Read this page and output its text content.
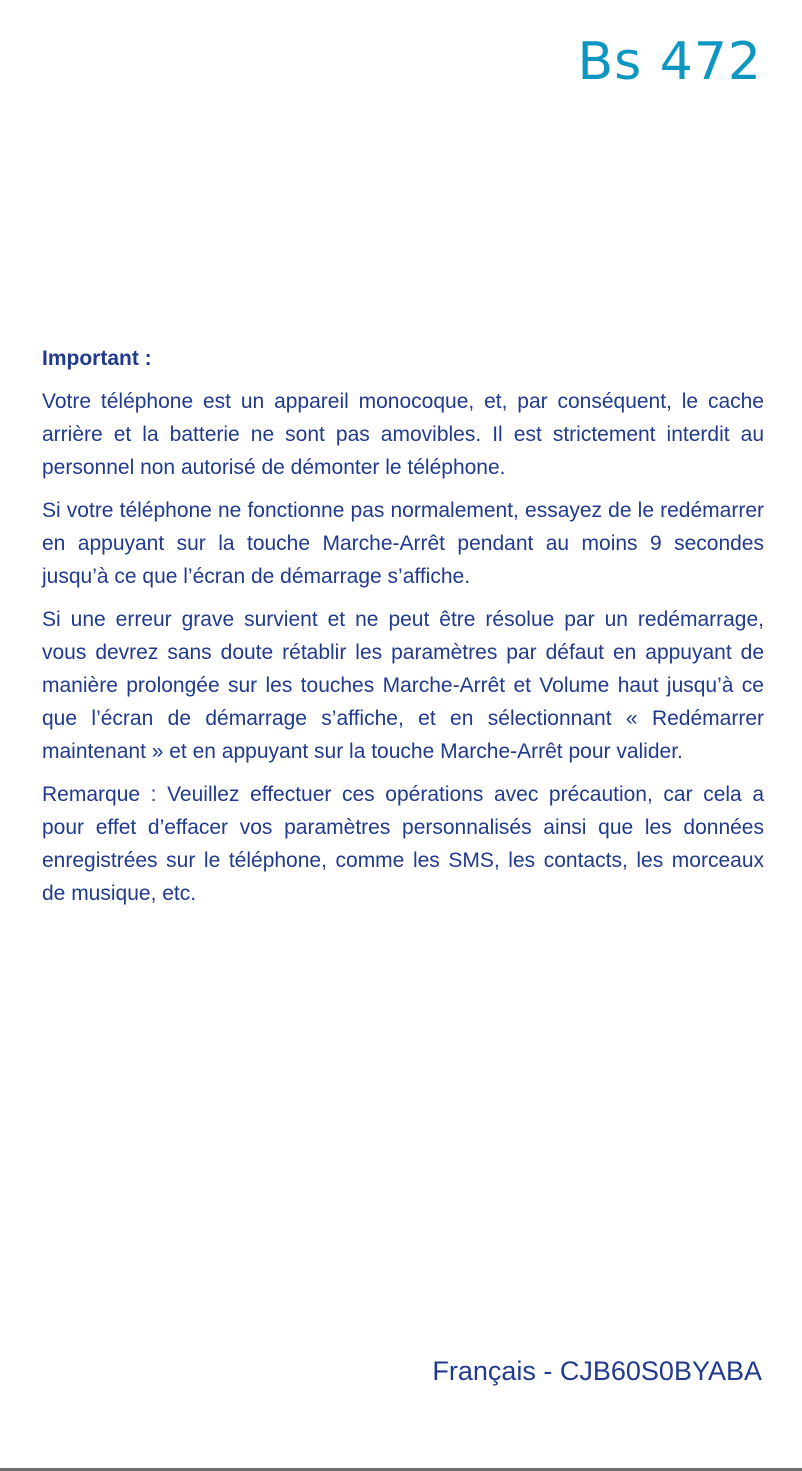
Bs 472
Important :

Votre téléphone est un appareil monocoque, et, par conséquent, le cache arrière et la batterie ne sont pas amovibles. Il est strictement interdit au personnel non autorisé de démonter le téléphone.

Si votre téléphone ne fonctionne pas normalement, essayez de le redémarrer en appuyant sur la touche Marche-Arrêt pendant au moins 9 secondes jusqu’à ce que l’écran de démarrage s’affiche.

Si une erreur grave survient et ne peut être résolue par un redémarrage, vous devrez sans doute rétablir les paramètres par défaut en appuyant de manière prolongée sur les touches Marche-Arrêt et Volume haut jusqu’à ce que l’écran de démarrage s’affiche, et en sélectionnant « Redémarrer maintenant » et en appuyant sur la touche Marche-Arrêt pour valider.

Remarque : Veuillez effectuer ces opérations avec précaution, car cela a pour effet d’effacer vos paramètres personnalisés ainsi que les données enregistrées sur le téléphone, comme les SMS, les contacts, les morceaux de musique, etc.

Français - CJB60S0BYABA
